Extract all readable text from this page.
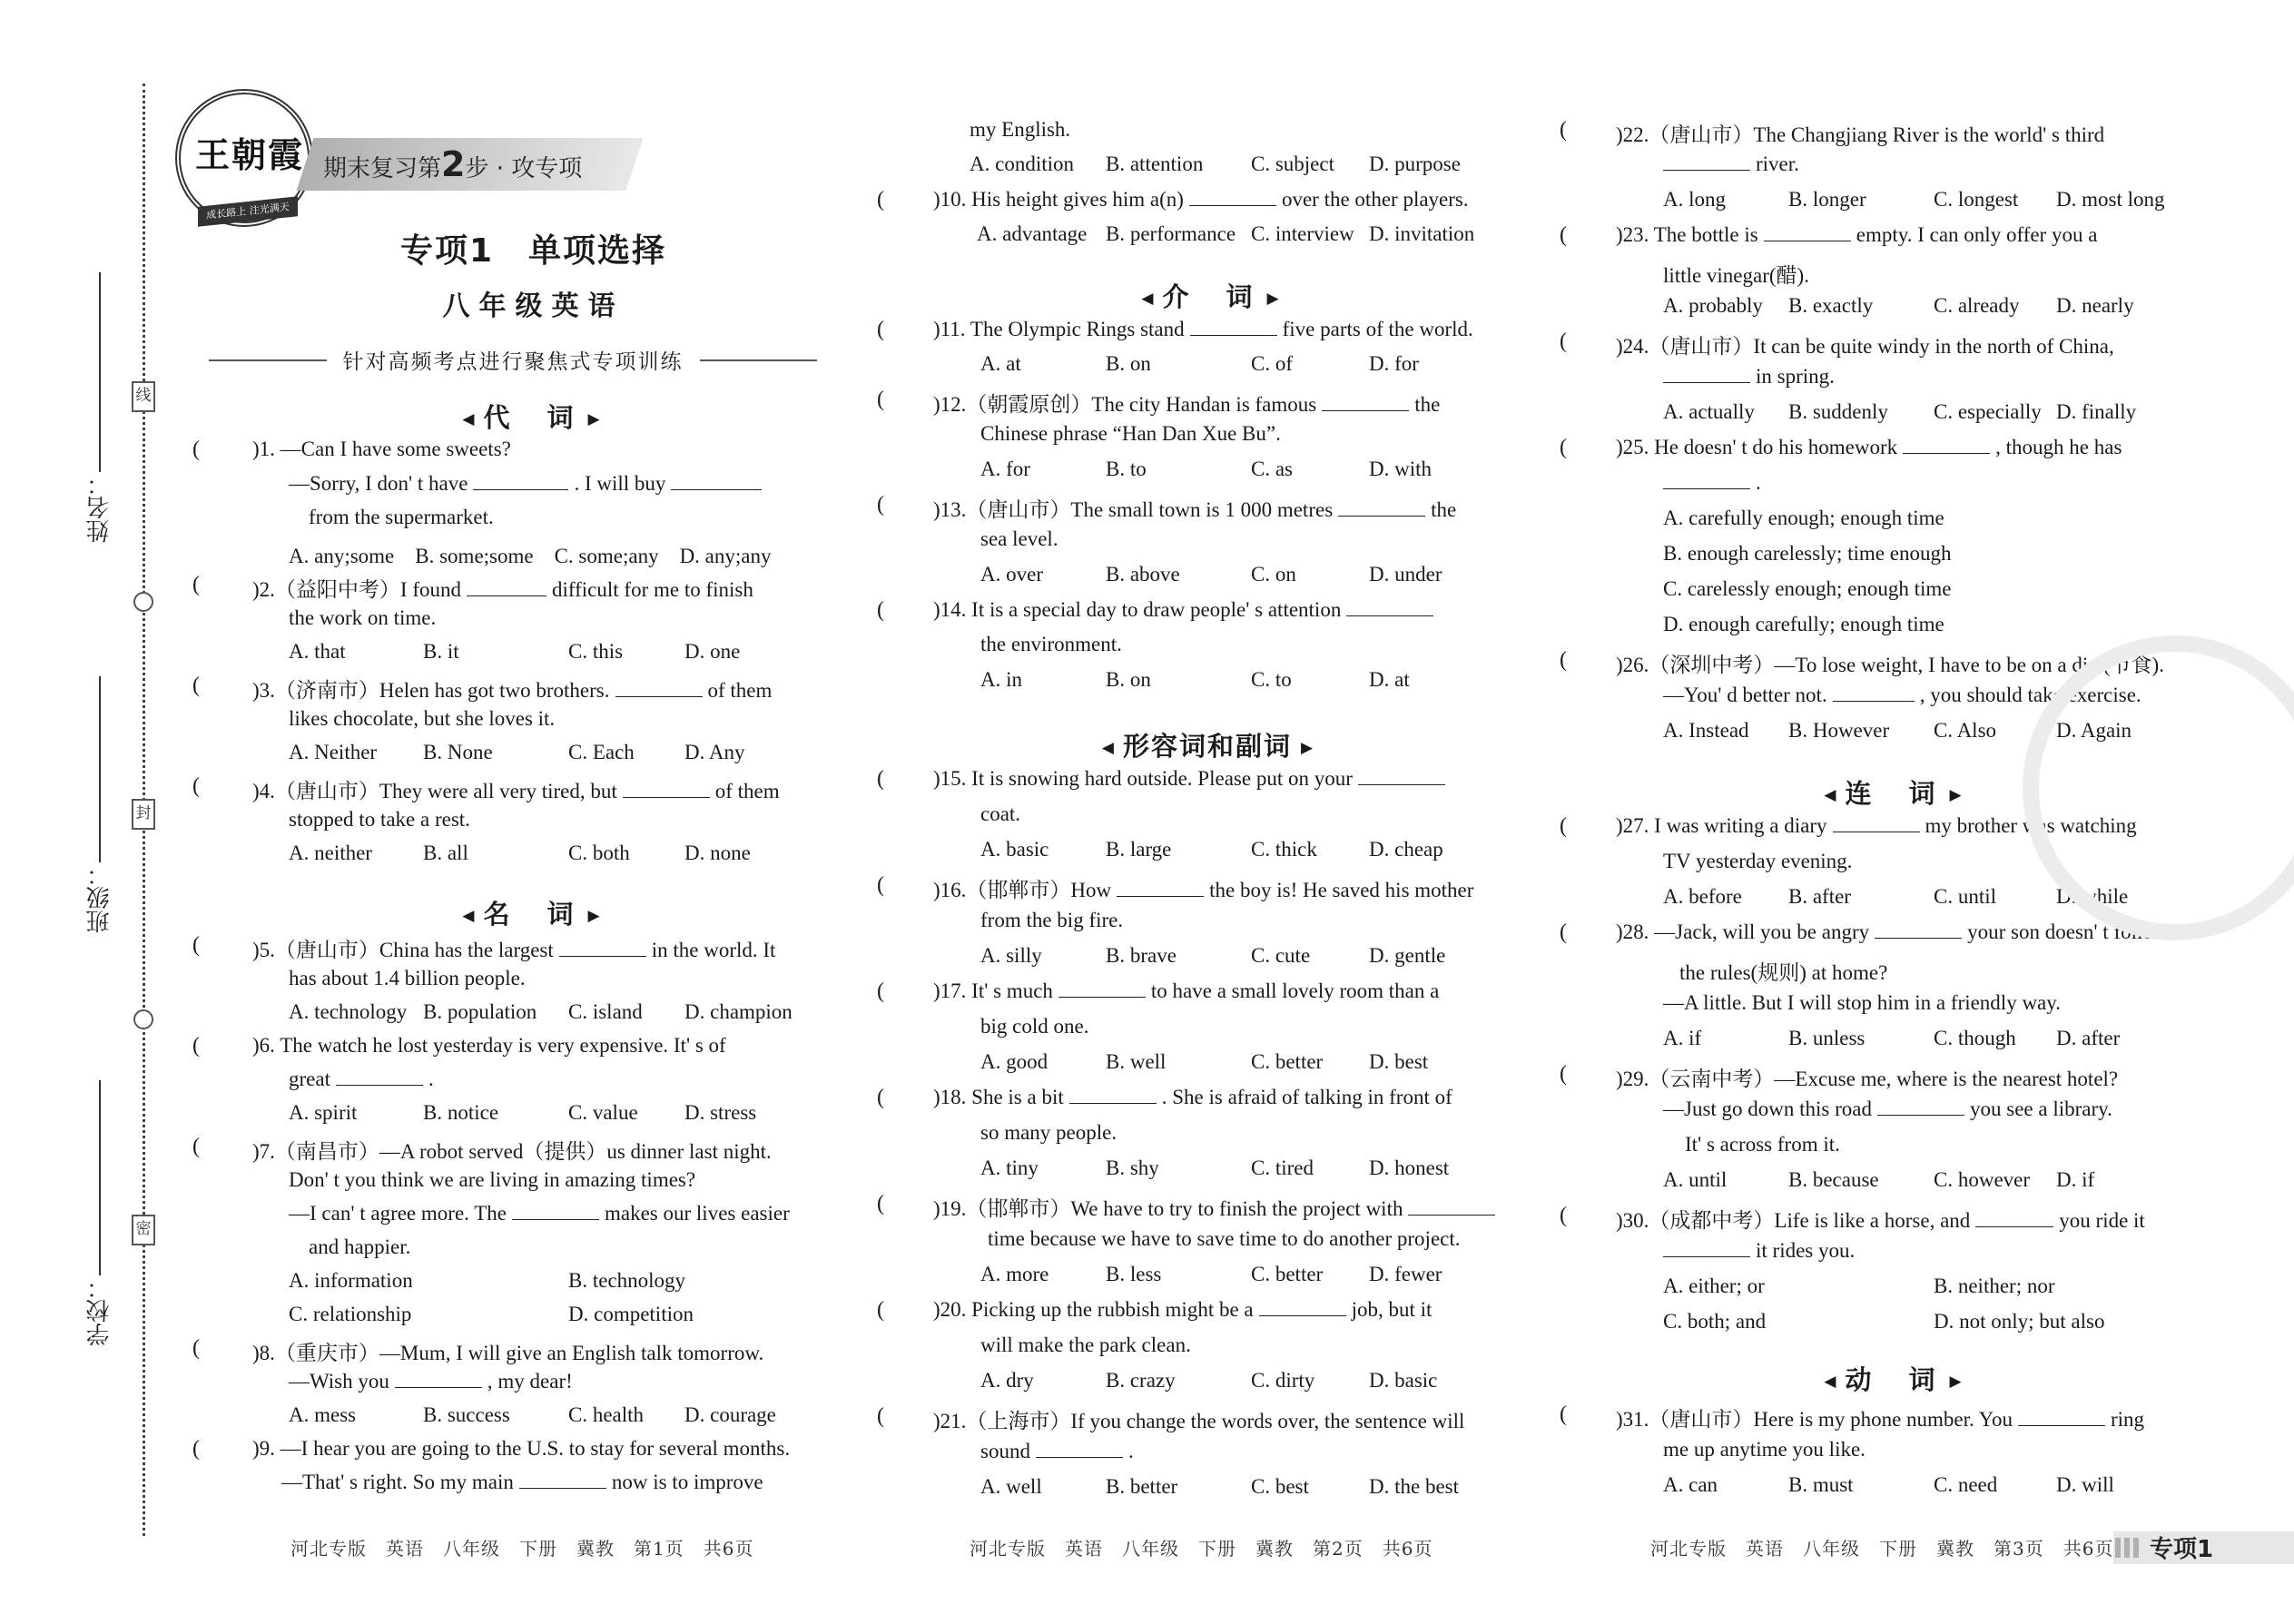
姓名：
班级：
学校：
线
封
密
王朝霞
成长路上 注光满天
期末复习第2步 · 攻专项
专项1　单项选择
八年级英语
针对高频考点进行聚焦式专项训练
◀ 代　词 ▶
◀ 名　词 ▶
◀ 介　词 ▶
◀ 形容词和副词 ▶
◀ 连　词 ▶
◀ 动　词 ▶
(	)1. —Can I have some sweets?
—Sorry, I don' t have	. I will buy
from the supermarket.
A. any;some　B. some;some　C. some;any　D. any;any
(	)2.（益阳中考）I found	difficult for me to finish
the work on time.
A. that	B. it	C. this	D. one
(	)3.（济南市）Helen has got two brothers.	of them
likes chocolate, but she loves it.
A. Neither B. None	C. Each D. Any
(	)4.（唐山市）They were all very tired, but	of them
stopped to take a rest.
A. neither B. all	C. both	D. none
(	)5.（唐山市）China has the largest	in the world. It
has about 1.4 billion people.
A. technology B. population C. island D. champion
(	)6. The watch he lost yesterday is very expensive. It' s of
great	.
A. spirit	B. notice	C. value D. stress
(	)7.（南昌市）—A robot served（提供）us dinner last night.
Don' t you think we are living in amazing times?
—I can' t agree more. The	makes our lives easier
and happier.
A. information	B. technology
C. relationship	D. competition
(	)8.（重庆市）—Mum, I will give an English talk tomorrow.
—Wish you	, my dear!
A. mess	B. success	C. health D. courage
(	)9. —I hear you are going to the U.S. to stay for several months.
—That' s right. So my main	now is to improve
河北专版　英语　八年级　下册　冀教　第1页　共6页
my English.
A. condition B. attention C. subject D. purpose
( )10. His height gives him a(n)	over the other players.
A. advantage B. performance C. interview D. invitation
( )11. The Olympic Rings stand	five parts of the world.
A. at	B. on	C. of	D. for
( )12.（朝霞原创）The city Handan is famous	the
Chinese phrase “Han Dan Xue Bu”.
A. for	B. to	C. as	D. with
( )13.（唐山市）The small town is 1 000 metres	the
sea level.
A. over	B. above	C. on	D. under
( )14. It is a special day to draw people' s attention
the environment.
A. in	B. on	C. to	D. at
( )15. It is snowing hard outside. Please put on your
coat.
A. basic	B. large	C. thick D. cheap
( )16.（邯郸市）How	the boy is! He saved his mother
from the big fire.
A. silly	B. brave	C. cute	D. gentle
( )17. It' s much	to have a small lovely room than a
big cold one.
A. good	B. well	C. better D. best
( )18. She is a bit	. She is afraid of talking in front of
so many people.
A. tiny	B. shy	C. tired	D. honest
( )19.（邯郸市）We have to try to finish the project with
time because we have to save time to do another project.
A. more	B. less	C. better D. fewer
( )20. Picking up the rubbish might be a	job, but it
will make the park clean.
A. dry	B. crazy	C. dirty	D. basic
( )21.（上海市）If you change the words over, the sentence will
sound	.
A. well	B. better	C. best	D. the best
河北专版　英语　八年级　下册　冀教　第2页　共6页
( )22.（唐山市）The Changjiang River is the world' s third
river.
A. long	B. longer	C. longest D. most long
( )23. The bottle is	empty. I can only offer you a
little vinegar(醋).
A. probably B. exactly	C. already D. nearly
( )24.（唐山市）It can be quite windy in the north of China,
in spring.
A. actually B. suddenly C. especially D. finally
( )25. He doesn' t do his homework	, though he has
.
A. carefully enough; enough time
B. enough carelessly; time enough
C. carelessly enough; enough time
D. enough carefully; enough time
( )26.（深圳中考）—To lose weight, I have to be on a diet(节食).
—You' d better not.	, you should take exercise.
A. Instead B. However C. Also	D. Again
( )27. I was writing a diary	my brother was watching
TV yesterday evening.
A. before B. after	C. until	D. while
( )28. —Jack, will you be angry	your son doesn' t follow
the rules(规则) at home?
—A little. But I will stop him in a friendly way.
A. if	B. unless	C. though D. after
( )29.（云南中考）—Excuse me, where is the nearest hotel?
—Just go down this road	you see a library.
It' s across from it.
A. until	B. because	C. however D. if
( )30.（成都中考）Life is like a horse, and	you ride it
it rides you.
A. either; or	B. neither; nor
C. both; and	D. not only; but also
( )31.（唐山市）Here is my phone number. You	ring
me up anytime you like.
A. can	B. must	C. need	D. will
河北专版　英语　八年级　下册　冀教　第3页　共6页 专项1
